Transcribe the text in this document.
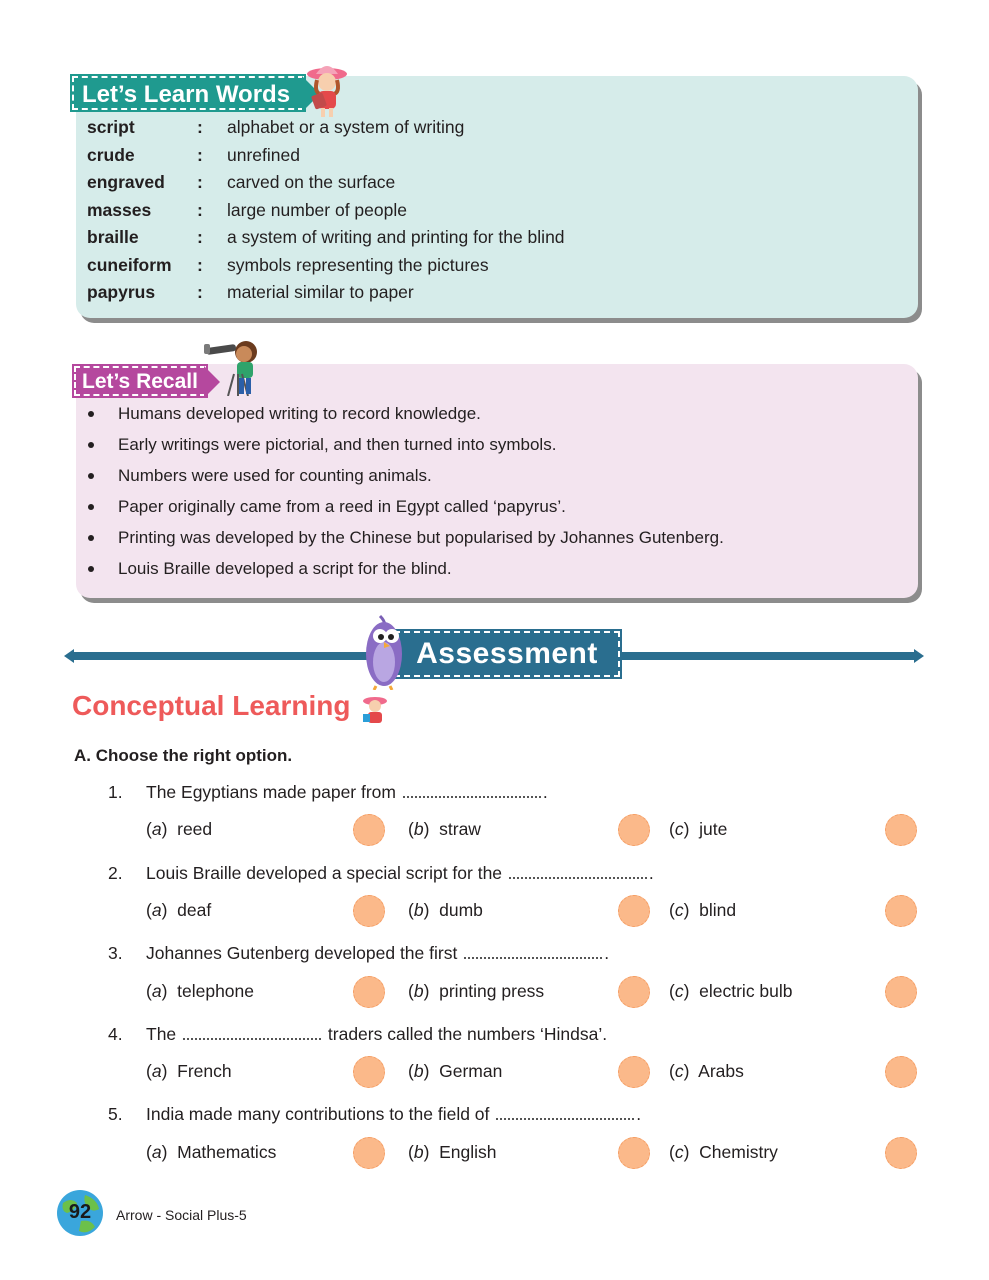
Let’s Learn Words
script	:	alphabet or a system of writing
crude	:	unrefined
engraved	:	carved on the surface
masses	:	large number of people
braille	:	a system of writing and printing for the blind
cuneiform	:	symbols representing the pictures
papyrus	:	material similar to paper
Let’s Recall
Humans developed writing to record knowledge.
Early writings were pictorial, and then turned into symbols.
Numbers were used for counting animals.
Paper originally came from a reed in Egypt called ‘papyrus’.
Printing was developed by the Chinese but popularised by Johannes Gutenberg.
Louis Braille developed a script for the blind.
Assessment
Conceptual Learning
A. Choose the right option.
1.	The Egyptians made paper from	.
(a)  reed	(b)  straw	(c)  jute
2.	Louis Braille developed a special script for the	.
(a)  deaf	(b)  dumb	(c)  blind
3.	Johannes Gutenberg developed the first	.
(a)  telephone	(b)  printing press	(c)  electric bulb
4.	The	traders called the numbers ‘Hindsa’.
(a)  French	(b)  German	(c)  Arabs
5.	India made many contributions to the field of	.
(a)  Mathematics	(b)  English	(c)  Chemistry
92	Arrow - Social Plus-5
